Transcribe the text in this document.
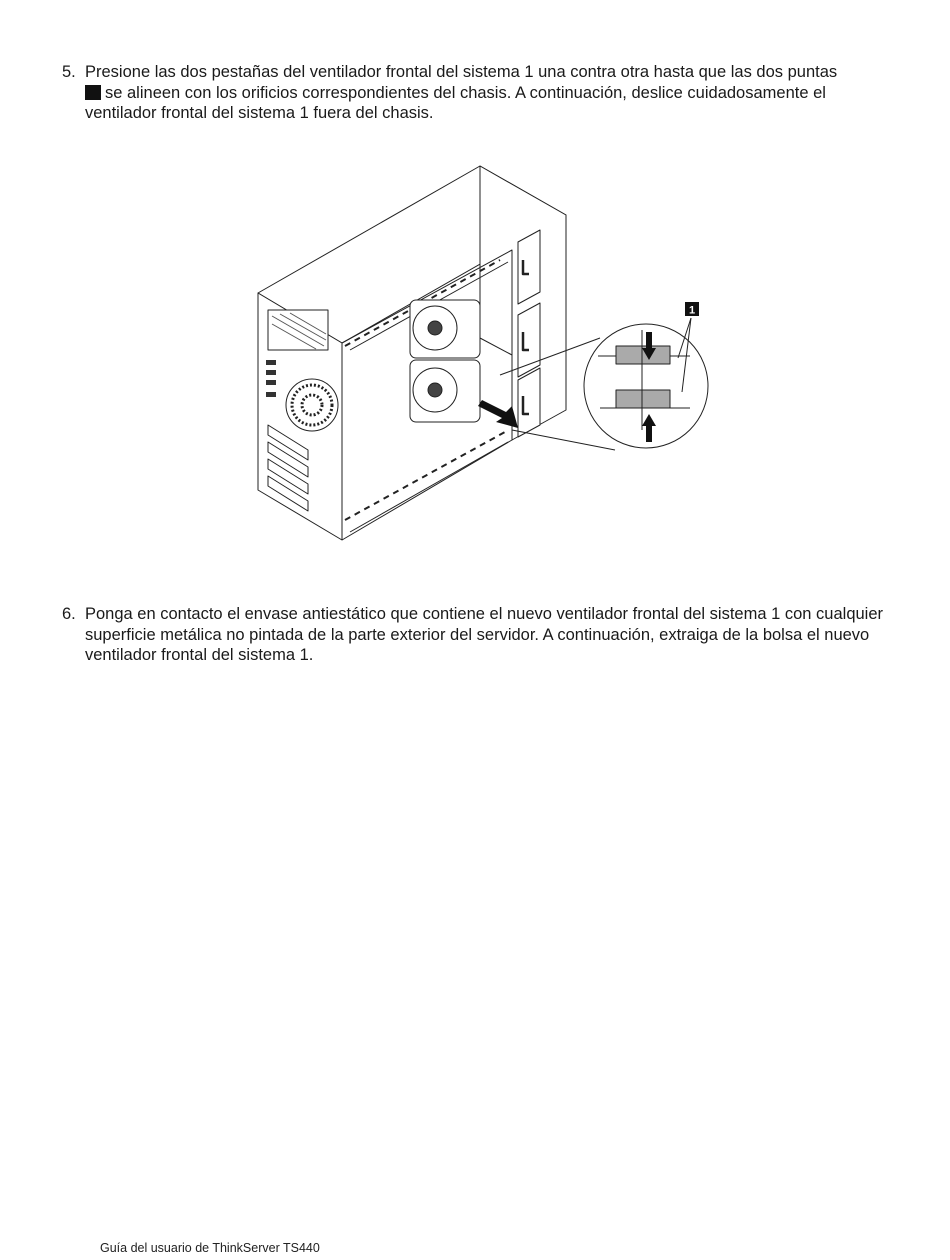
5. Presione las dos pestañas del ventilador frontal del sistema 1 una contra otra hasta que las dos puntas
se alineen con los orificios correspondientes del chasis. A continuación, deslice cuidadosamente el ventilador frontal del sistema 1 fuera del chasis.
1
6. Ponga en contacto el envase antiestático que contiene el nuevo ventilador frontal del sistema 1 con cualquier superficie metálica no pintada de la parte exterior del servidor. A continuación, extraiga de la bolsa el nuevo ventilador frontal del sistema 1.
Guía del usuario de ThinkServer TS440
